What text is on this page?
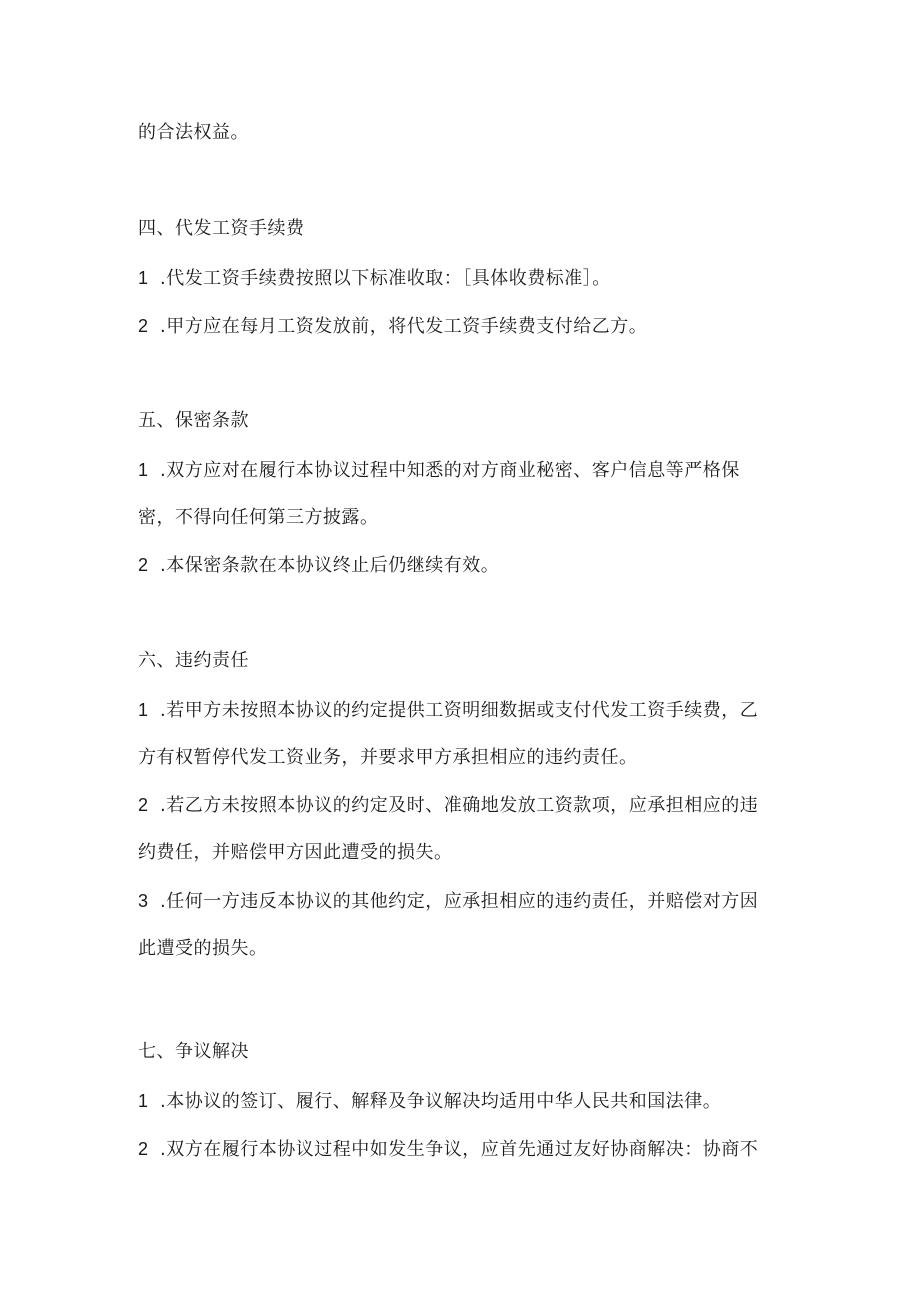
的合法权益。
四、代发工资手续费
1 .代发工资手续费按照以下标准收取：［具体收费标准］。
2 .甲方应在每月工资发放前，将代发工资手续费支付给乙方。
五、保密条款
1 .双方应对在履行本协议过程中知悉的对方商业秘密、客户信息等严格保
密，不得向任何第三方披露。
2 .本保密条款在本协议终止后仍继续有效。
六、违约责任
1 .若甲方未按照本协议的约定提供工资明细数据或支付代发工资手续费，乙
方有权暂停代发工资业务，并要求甲方承担相应的违约责任。
2 .若乙方未按照本协议的约定及时、准确地发放工资款项，应承担相应的违
约费任，并赔偿甲方因此遭受的损失。
3 .任何一方违反本协议的其他约定，应承担相应的违约责任，并赔偿对方因
此遭受的损失。
七、争议解决
1 .本协议的签订、履行、解释及争议解决均适用中华人民共和国法律。
2 .双方在履行本协议过程中如发生争议，应首先通过友好协商解决：协商不
